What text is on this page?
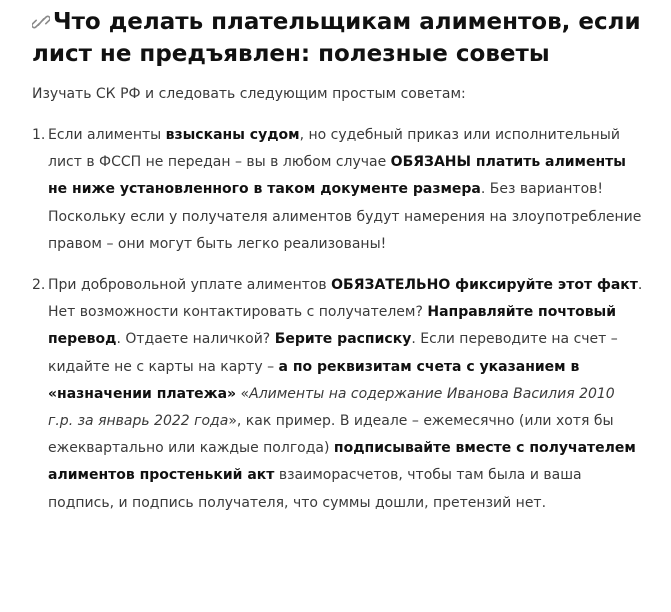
Что делать плательщикам алиментов, если лист не предъявлен: полезные советы

Изучать СК РФ и следовать следующим простым советам:

1. Если алименты взысканы судом, но судебный приказ или исполнительный лист в ФССП не передан – вы в любом случае ОБЯЗАНЫ платить алименты не ниже установленного в таком документе размера. Без вариантов! Поскольку если у получателя алиментов будут намерения на злоупотребление правом – они могут быть легко реализованы!
2. При добровольной уплате алиментов ОБЯЗАТЕЛЬНО фиксируйте этот факт. Нет возможности контактировать с получателем? Направляйте почтовый перевод. Отдаете наличкой? Берите расписку. Если переводите на счет – кидайте не с карты на карту – а по реквизитам счета с указанием в «назначении платежа» «Алименты на содержание Иванова Василия 2010 г.р. за январь 2022 года», как пример. В идеале – ежемесячно (или хотя бы ежеквартально или каждые полгода) подписывайте вместе с получателем алиментов простенький акт взаиморасчетов, чтобы там была и ваша подпись, и подпись получателя, что суммы дошли, претензий нет.
